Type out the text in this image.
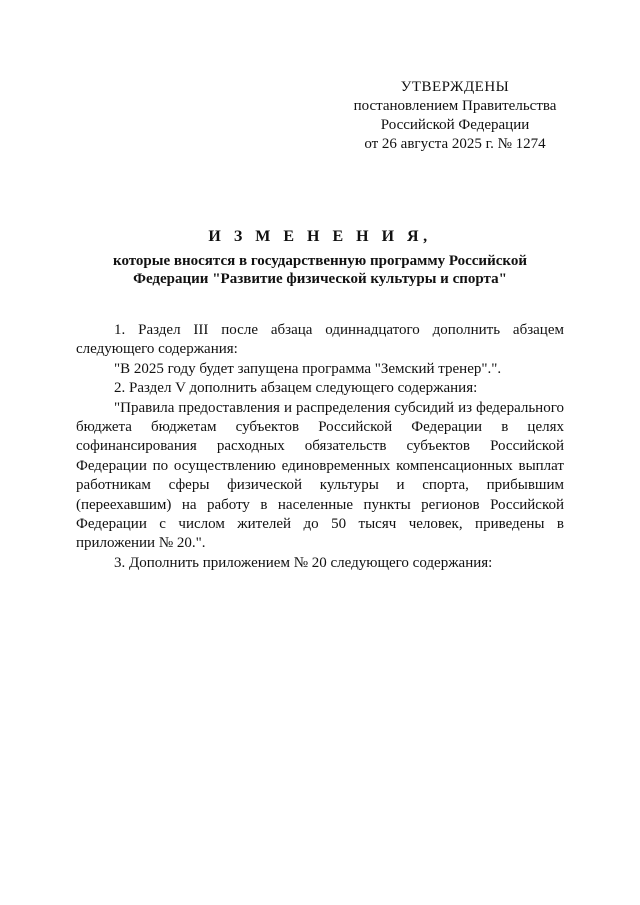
УТВЕРЖДЕНЫ
постановлением Правительства
Российской Федерации
от 26 августа 2025 г. № 1274
И З М Е Н Е Н И Я,
которые вносятся в государственную программу Российской
Федерации "Развитие физической культуры и спорта"

1. Раздел III после абзаца одиннадцатого дополнить абзацем следующего содержания:

"В 2025 году будет запущена программа "Земский тренер".".

2. Раздел V дополнить абзацем следующего содержания:

"Правила предоставления и распределения субсидий из федерального бюджета бюджетам субъектов Российской Федерации в целях софинансирования расходных обязательств субъектов Российской Федерации по осуществлению единовременных компенсационных выплат работникам сферы физической культуры и спорта, прибывшим (переехавшим) на работу в населенные пункты регионов Российской Федерации с числом жителей до 50 тысяч человек, приведены в приложении № 20.".

3. Дополнить приложением № 20 следующего содержания:
